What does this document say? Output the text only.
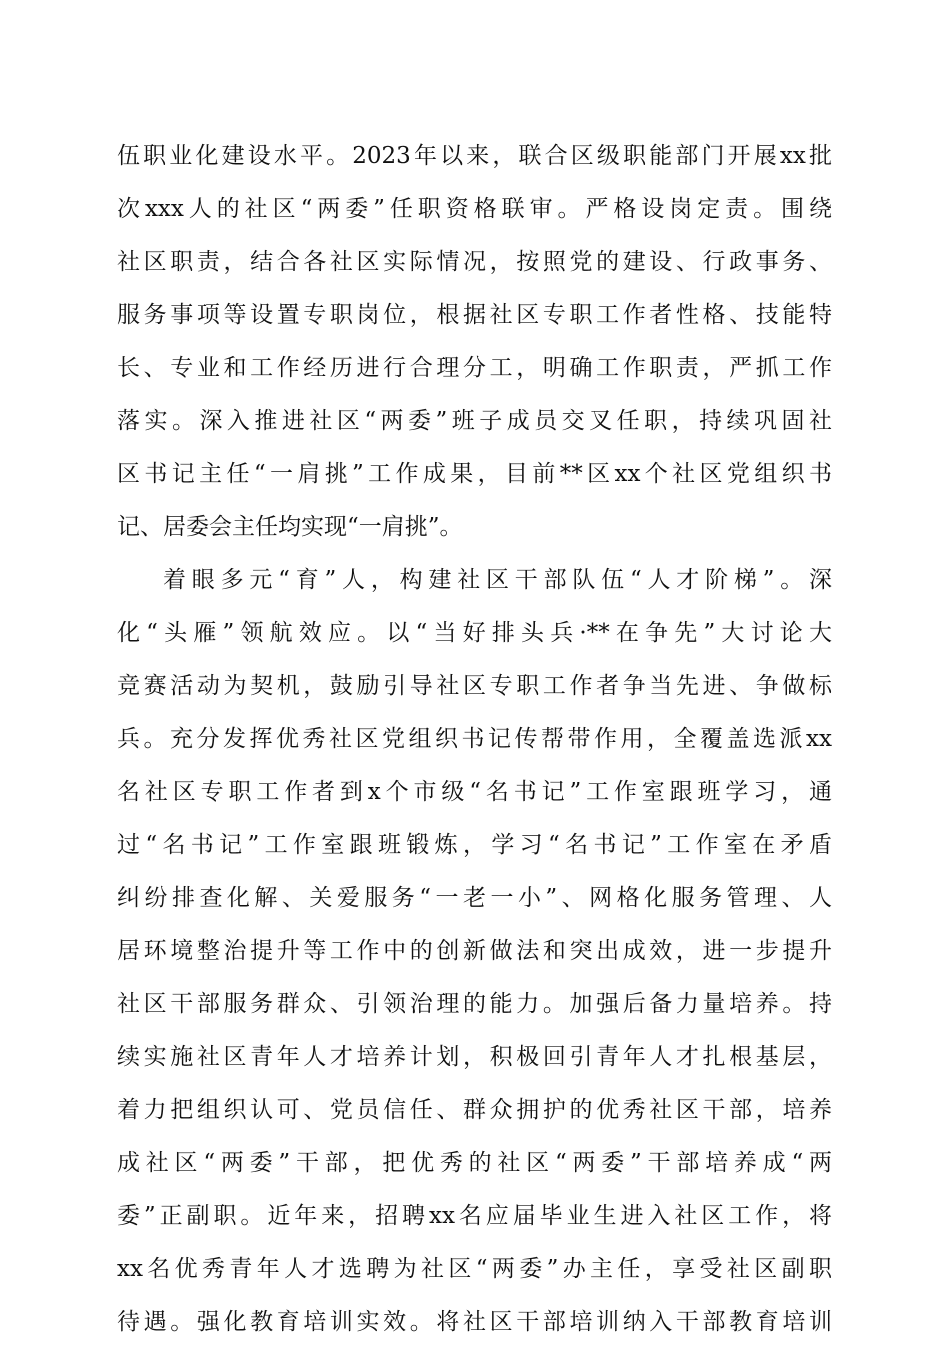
伍职业化建设水平。2023年以来，联合区级职能部门开展xx批
次xxx人的社区“两委”任职资格联审。严格设岗定责。围绕
社区职责，结合各社区实际情况，按照党的建设、行政事务、
服务事项等设置专职岗位，根据社区专职工作者性格、技能特
长、专业和工作经历进行合理分工，明确工作职责，严抓工作
落实。深入推进社区“两委”班子成员交叉任职，持续巩固社
区书记主任“一肩挑”工作成果，目前**区xx个社区党组织书
记、居委会主任均实现“一肩挑”。
着眼多元“育”人，构建社区干部队伍“人才阶梯”。深
化“头雁”领航效应。以“当好排头兵·**在争先”大讨论大
竞赛活动为契机，鼓励引导社区专职工作者争当先进、争做标
兵。充分发挥优秀社区党组织书记传帮带作用，全覆盖选派xx
名社区专职工作者到x个市级“名书记”工作室跟班学习，通
过“名书记”工作室跟班锻炼，学习“名书记”工作室在矛盾
纠纷排查化解、关爱服务“一老一小”、网格化服务管理、人
居环境整治提升等工作中的创新做法和突出成效，进一步提升
社区干部服务群众、引领治理的能力。加强后备力量培养。持
续实施社区青年人才培养计划，积极回引青年人才扎根基层，
着力把组织认可、党员信任、群众拥护的优秀社区干部，培养
成社区“两委”干部，把优秀的社区“两委”干部培养成“两
委”正副职。近年来，招聘xx名应届毕业生进入社区工作，将
xx名优秀青年人才选聘为社区“两委”办主任，享受社区副职
待遇。强化教育培训实效。将社区干部培训纳入干部教育培训
